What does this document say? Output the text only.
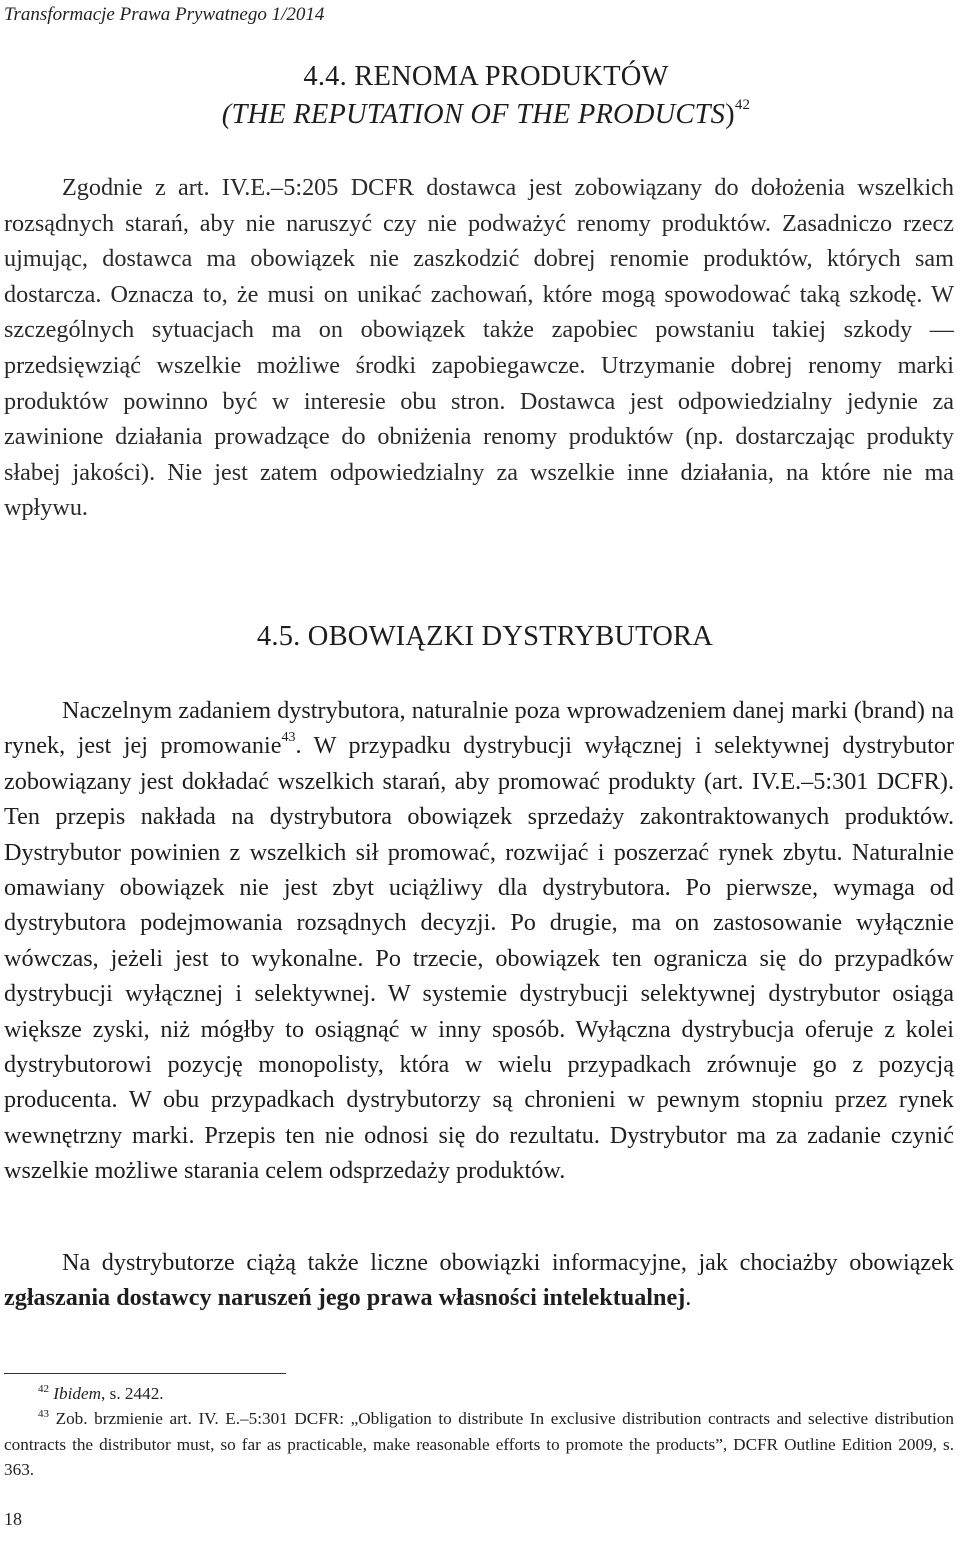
Transformacje Prawa Prywatnego 1/2014
4.4. RENOMA PRODUKTÓW
(THE REPUTATION OF THE PRODUCTS)$^{42}$

Zgodnie z art. IV.E.–5:205 DCFR dostawca jest zobowiązany do dołożenia wszelkich rozsądnych starań, aby nie naruszyć czy nie podważyć renomy produktów. Zasadniczo rzecz ujmując, dostawca ma obowiązek nie zaszkodzić dobrej renomie produktów, których sam dostarcza. Oznacza to, że musi on unikać zachowań, które mogą spowodować taką szkodę. W szczególnych sytuacjach ma on obowiązek także zapobiec powstaniu takiej szkody — przedsięwziąć wszelkie możliwe środki zapobiegawcze. Utrzymanie dobrej renomy marki produktów powinno być w interesie obu stron. Dostawca jest odpowiedzialny jedynie za zawinione działania prowadzące do obniżenia renomy produktów (np. dostarczając produkty słabej jakości). Nie jest zatem odpowiedzialny za wszelkie inne działania, na które nie ma wpływu.

4.5. OBOWIĄZKI DYSTRYBUTORA

Naczelnym zadaniem dystrybutora, naturalnie poza wprowadzeniem danej marki (brand) na rynek, jest jej promowanie$^{43}$. W przypadku dystrybucji wyłącznej i selektywnej dystrybutor zobowiązany jest dokładać wszelkich starań, aby promować produkty (art. IV.E.–5:301 DCFR). Ten przepis nakłada na dystrybutora obowiązek sprzedaży zakontraktowanych produktów. Dystrybutor powinien z wszelkich sił promować, rozwijać i poszerzać rynek zbytu. Naturalnie omawiany obowiązek nie jest zbyt uciążliwy dla dystrybutora. Po pierwsze, wymaga od dystrybutora podejmowania rozsądnych decyzji. Po drugie, ma on zastosowanie wyłącznie wówczas, jeżeli jest to wykonalne. Po trzecie, obowiązek ten ogranicza się do przypadków dystrybucji wyłącznej i selektywnej. W systemie dystrybucji selektywnej dystrybutor osiąga większe zyski, niż mógłby to osiągnąć w inny sposób. Wyłączna dystrybucja oferuje z kolei dystrybutorowi pozycję monopolisty, która w wielu przypadkach zrównuje go z pozycją producenta. W obu przypadkach dystrybutorzy są chronieni w pewnym stopniu przez rynek wewnętrzny marki. Przepis ten nie odnosi się do rezultatu. Dystrybutor ma za zadanie czynić wszelkie możliwe starania celem odsprzedaży produktów.

Na dystrybutorze ciążą także liczne obowiązki informacyjne, jak chociażby obowiązek zgłaszania dostawcy naruszeń jego prawa własności intelektualnej.

$^{42}$ Ibidem, s. 2442.

$^{43}$ Zob. brzmienie art. IV. E.–5:301 DCFR: „Obligation to distribute In exclusive distribution contracts and selective distribution contracts the distributor must, so far as practicable, make reasonable efforts to promote the products”, DCFR Outline Edition 2009, s. 363.

18
